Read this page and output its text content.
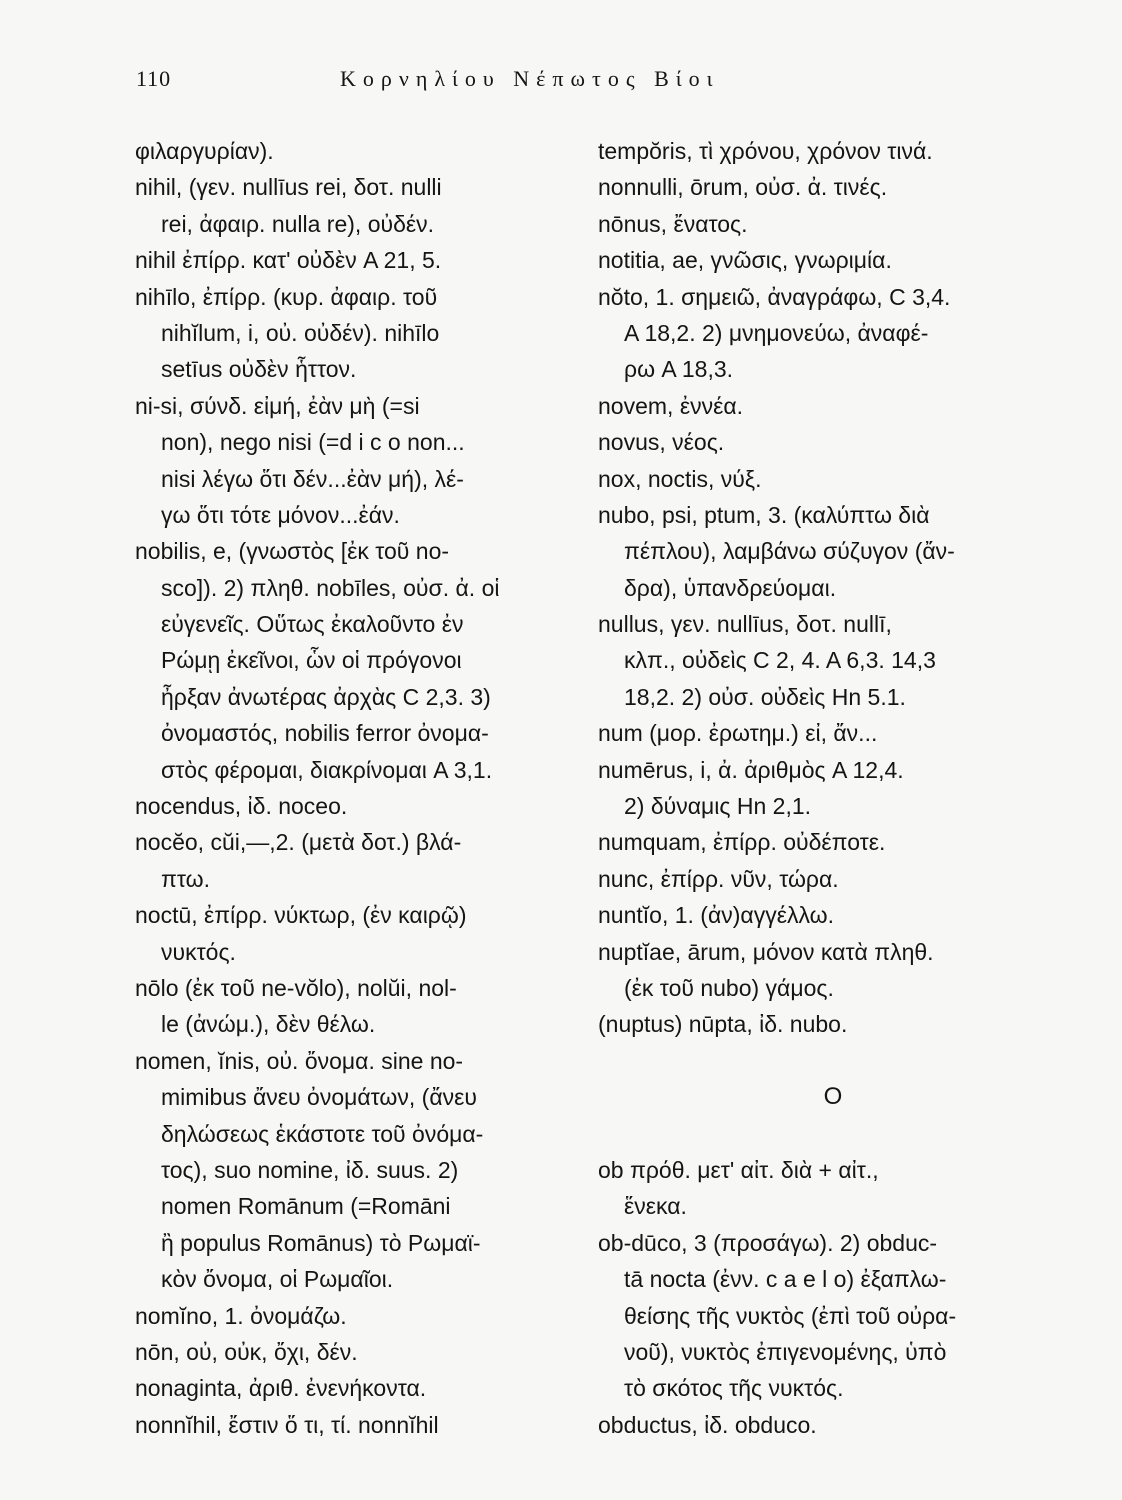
110	Κορνηλίου Νέπωτος Βίοι
φιλαργυρίαν).
nihil, (γεν. nullīus rei, δοτ. nulli
rei, ἀφαιρ. nulla re), οὐδέν.
nihil ἐπίρρ. κατ' οὐδὲν A 21, 5.
nihīlo, ἐπίρρ. (κυρ. ἀφαιρ. τοῦ
nihĭlum, i, οὐ. οὐδέν). nihīlo
setīus οὐδὲν ἧττον.
ni-si, σύνδ. εἰμή, ἐὰν μὴ (=si
non), nego nisi (=d i c o non...
nisi λέγω ὅτι δέν...ἐὰν μή), λέ-
γω ὅτι τότε μόνον...ἐάν.
nobilis, e, (γνωστὸς [ἐκ τοῦ no-
sco]). 2) πληθ. nobīles, οὐσ. ἀ. οἱ
εὐγενεῖς. Οὕτως ἐκαλοῦντο ἐν
Ρώμῃ ἐκεῖνοι, ὧν οἱ πρόγονοι
ἦρξαν ἀνωτέρας ἀρχὰς C 2,3. 3)
ὀνομαστός, nobilis ferror ὀνομα-
στὸς φέρομαι, διακρίνομαι A 3,1.
nocendus, ἰδ. noceo.
nocĕo, cŭi,—,2. (μετὰ δοτ.) βλά-
πτω.
noctū, ἐπίρρ. νύκτωρ, (ἐν καιρῷ)
νυκτός.
nōlo (ἐκ τοῦ ne-vŏlo), nolŭi, nol-
le (ἀνώμ.), δὲν θέλω.
nomen, ĭnis, οὐ. ὄνομα. sine no-
mimibus ἄνευ ὀνομάτων, (ἄνευ
δηλώσεως ἑκάστοτε τοῦ ὀνόμα-
τος), suo nomine, ἰδ. suus. 2)
nomen Romānum (=Romāni
ἢ populus Romānus) τὸ Ρωμαϊ-
κὸν ὄνομα, οἱ Ρωμαῖοι.
nomĭno, 1. ὀνομάζω.
nōn, οὐ, οὐκ, ὄχι, δέν.
nonaginta, ἀριθ. ἐνενήκοντα.
nonnĭhil, ἔστιν ὅ τι, τί. nonnĭhil
tempŏris, τὶ χρόνου, χρόνον τινά.
nonnulli, ōrum, οὐσ. ἀ. τινές.
nōnus, ἔνατος.
notitia, ae, γνῶσις, γνωριμία.
nŏto, 1. σημειῶ, ἀναγράφω, C 3,4.
A 18,2. 2) μνημονεύω, ἀναφέ-
ρω A 18,3.
novem, ἐννέα.
novus, νέος.
nox, noctis, νύξ.
nubo, psi, ptum, 3. (καλύπτω διὰ
πέπλου), λαμβάνω σύζυγον (ἄν-
δρα), ὑπανδρεύομαι.
nullus, γεν. nullīus, δοτ. nullī,
κλπ., οὐδεὶς C 2, 4. A 6,3. 14,3
18,2. 2) οὐσ. οὐδεὶς Hn 5.1.
num (μορ. ἐρωτημ.) εἰ, ἄν...
numērus, i, ἀ. ἀριθμὸς A 12,4.
2) δύναμις Hn 2,1.
numquam, ἐπίρρ. οὐδέποτε.
nunc, ἐπίρρ. νῦν, τώρα.
nuntĭo, 1. (ἀν)αγγέλλω.
nuptĭae, ārum, μόνον κατὰ πληθ.
(ἐκ τοῦ nubo) γάμος.
(nuptus) nūpta, ἰδ. nubo.

O

ob πρόθ. μετ' αἰτ. διὰ + αἰτ.,
ἕνεκα.
ob-dūco, 3 (προσάγω). 2) obduc-
tā nocta (ἐνν. c a e l o) ἐξαπλω-
θείσης τῆς νυκτὸς (ἐπὶ τοῦ οὐρα-
νοῦ), νυκτὸς ἐπιγενομένης, ὑπὸ
τὸ σκότος τῆς νυκτός.
obductus, ἰδ. obduco.
